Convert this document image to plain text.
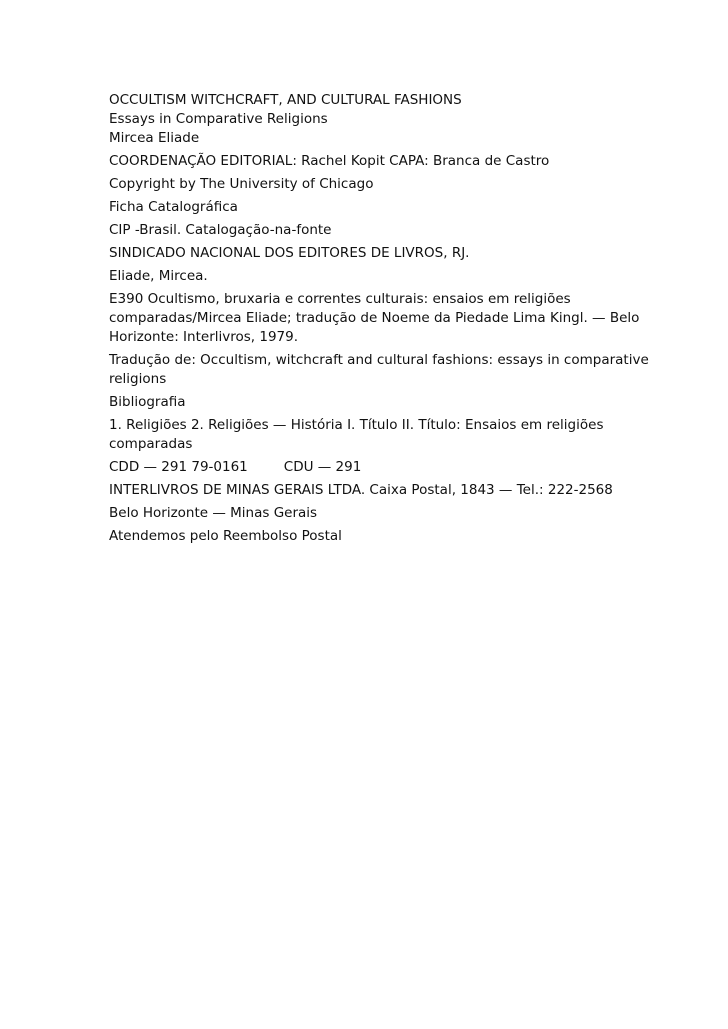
OCCULTISM WITCHCRAFT, AND CULTURAL FASHIONS

Essays in Comparative Religions

Mircea Eliade

COORDENAÇÃO EDITORIAL: Rachel Kopit CAPA: Branca de Castro

Copyright by The University of Chicago

Ficha Catalográfica

CIP -Brasil. Catalogação-na-fonte

SINDICADO NACIONAL DOS EDITORES DE LIVROS, RJ.

Eliade, Mircea.

E390 Ocultismo, bruxaria e correntes culturais: ensaios em religiões

comparadas/Mircea Eliade; tradução de Noeme da Piedade Lima Kingl. — Belo

Horizonte: Interlivros, 1979.

Tradução de: Occultism, witchcraft and cultural fashions: essays in comparative

religions

Bibliografia

1. Religiões 2. Religiões — História I. Título II. Título: Ensaios em religiões

comparadas

CDD — 291 79-0161	CDU — 291

INTERLIVROS DE MINAS GERAIS LTDA. Caixa Postal, 1843 — Tel.: 222-2568

Belo Horizonte — Minas Gerais

Atendemos pelo Reembolso Postal
